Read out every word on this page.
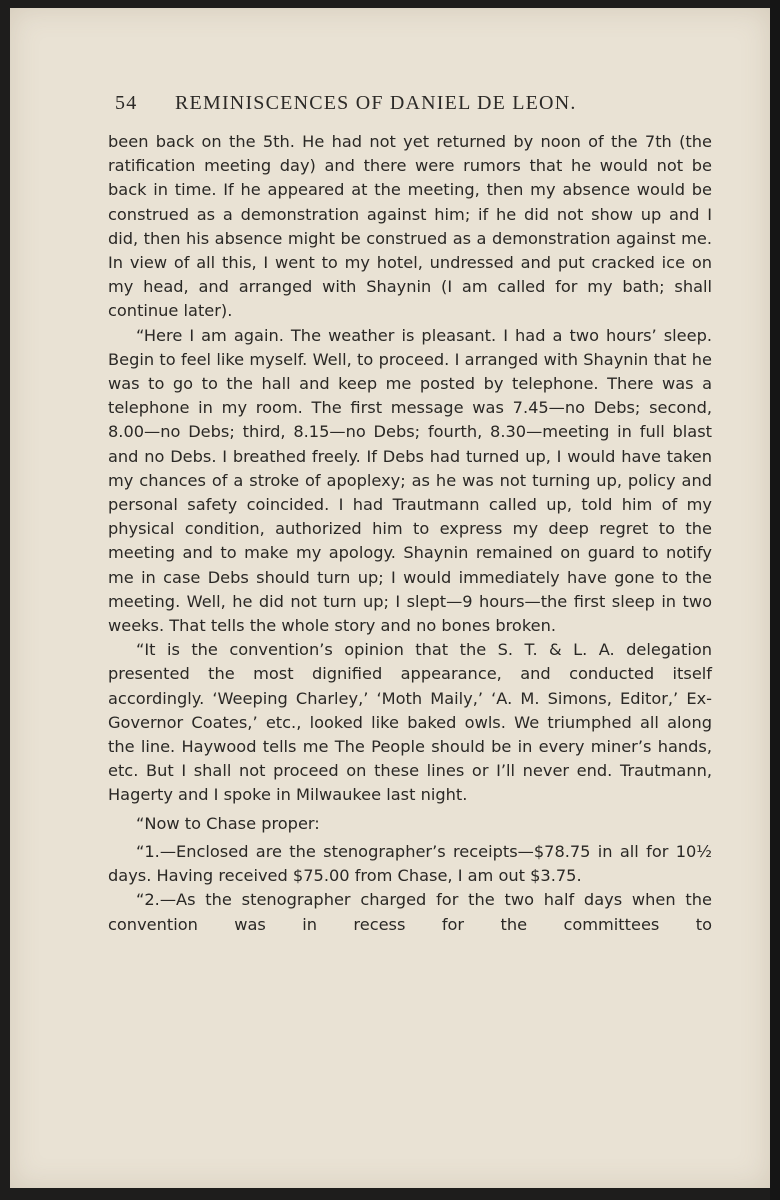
54 REMINISCENCES OF DANIEL DE LEON.

been back on the 5th. He had not yet returned by noon of the 7th (the ratification meeting day) and there were rumors that he would not be back in time. If he appeared at the meeting, then my absence would be construed as a demonstration against him; if he did not show up and I did, then his absence might be construed as a demonstration against me. In view of all this, I went to my hotel, undressed and put cracked ice on my head, and arranged with Shaynin (I am called for my bath; shall continue later).

“Here I am again. The weather is pleasant. I had a two hours’ sleep. Begin to feel like myself. Well, to proceed. I arranged with Shaynin that he was to go to the hall and keep me posted by telephone. There was a telephone in my room. The first message was 7.45—no Debs; second, 8.00—no Debs; third, 8.15—no Debs; fourth, 8.30—meeting in full blast and no Debs. I breathed freely. If Debs had turned up, I would have taken my chances of a stroke of apoplexy; as he was not turning up, policy and personal safety coincided. I had Trautmann called up, told him of my physical condition, authorized him to express my deep regret to the meeting and to make my apology. Shaynin remained on guard to notify me in case Debs should turn up; I would immediately have gone to the meeting. Well, he did not turn up; I slept—9 hours—the first sleep in two weeks. That tells the whole story and no bones broken.

“It is the convention’s opinion that the S. T. & L. A. delegation presented the most dignified appearance, and conducted itself accordingly. ‘Weeping Charley,’ ‘Moth Maily,’ ‘A. M. Simons, Editor,’ Ex-Governor Coates,’ etc., looked like baked owls. We triumphed all along the line. Haywood tells me The People should be in every miner’s hands, etc. But I shall not proceed on these lines or I’ll never end. Trautmann, Hagerty and I spoke in Milwaukee last night.

“Now to Chase proper:

“1.—Enclosed are the stenographer’s receipts—$78.75 in all for 10½ days. Having received $75.00 from Chase, I am out $3.75.

“2.—As the stenographer charged for the two half days when the convention was in recess for the committees to
